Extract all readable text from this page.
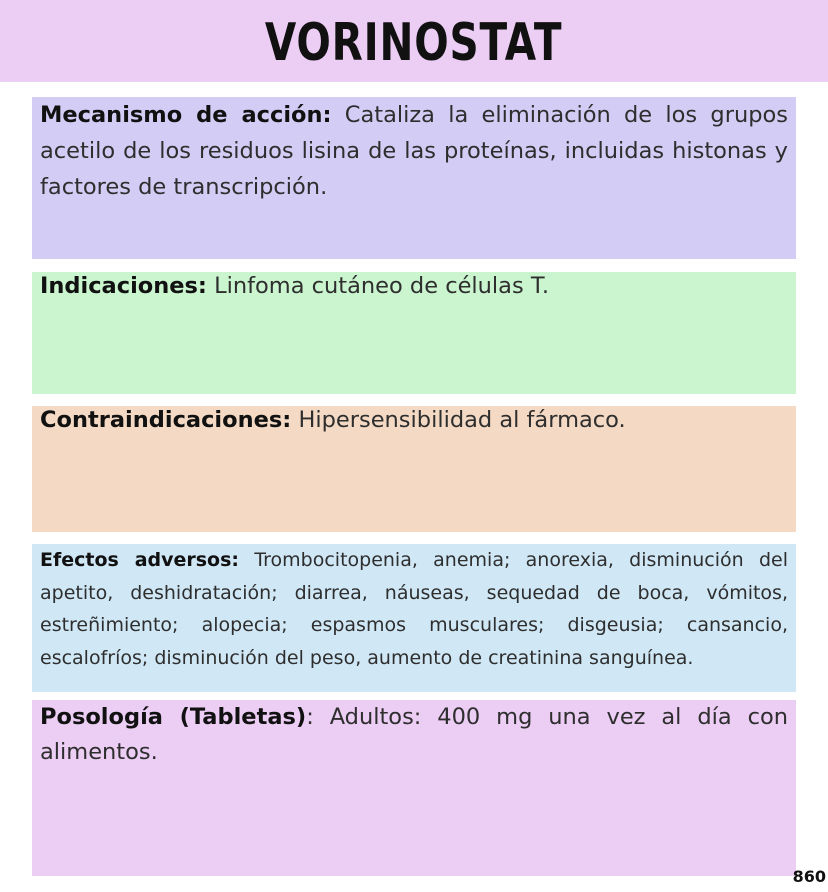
VORINOSTAT

Mecanismo de acción: Cataliza la eliminación de los grupos acetilo de los residuos lisina de las proteínas, incluidas histonas y factores de transcripción.

Indicaciones: Linfoma cutáneo de células T.

Contraindicaciones: Hipersensibilidad al fármaco.

Efectos adversos: Trombocitopenia, anemia; anorexia, disminución del apetito, deshidratación; diarrea, náuseas, sequedad de boca, vómitos, estreñimiento; alopecia; espasmos musculares; disgeusia; cansancio, escalofríos; disminución del peso, aumento de creatinina sanguínea.

Posología (Tabletas): Adultos: 400 mg una vez al día con alimentos.

860
